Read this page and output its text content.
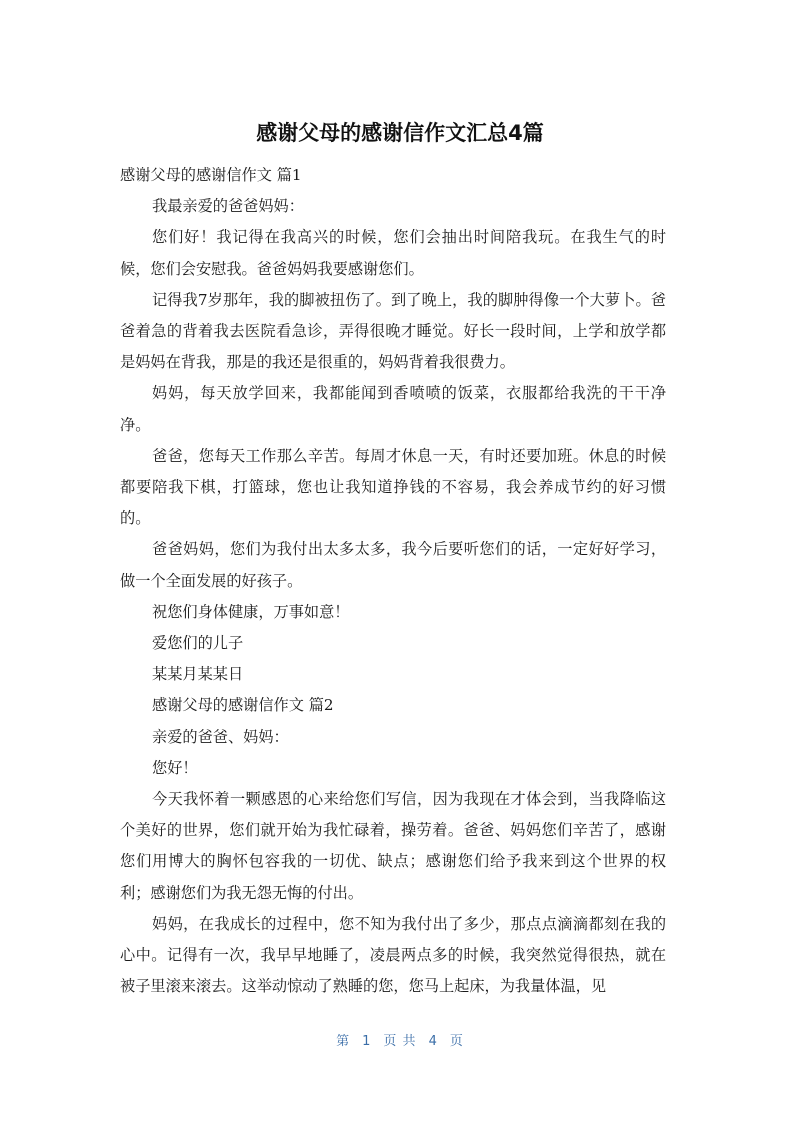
感谢父母的感谢信作文汇总4篇

感谢父母的感谢信作文 篇1

我最亲爱的爸爸妈妈：

您们好！我记得在我高兴的时候，您们会抽出时间陪我玩。在我生气的时候，您们会安慰我。爸爸妈妈我要感谢您们。

记得我7岁那年，我的脚被扭伤了。到了晚上，我的脚肿得像一个大萝卜。爸爸着急的背着我去医院看急诊，弄得很晚才睡觉。好长一段时间，上学和放学都是妈妈在背我，那是的我还是很重的，妈妈背着我很费力。

妈妈，每天放学回来，我都能闻到香喷喷的饭菜，衣服都给我洗的干干净净。

爸爸，您每天工作那么辛苦。每周才休息一天，有时还要加班。休息的时候都要陪我下棋，打篮球，您也让我知道挣钱的不容易，我会养成节约的好习惯的。

爸爸妈妈，您们为我付出太多太多，我今后要听您们的话，一定好好学习，做一个全面发展的好孩子。

祝您们身体健康，万事如意！

爱您们的儿子

某某月某某日

感谢父母的感谢信作文 篇2

亲爱的爸爸、妈妈：

您好！

今天我怀着一颗感恩的心来给您们写信，因为我现在才体会到，当我降临这个美好的世界，您们就开始为我忙碌着，操劳着。爸爸、妈妈您们辛苦了，感谢您们用博大的胸怀包容我的一切优、缺点；感谢您们给予我来到这个世界的权利；感谢您们为我无怨无悔的付出。

妈妈，在我成长的过程中，您不知为我付出了多少，那点点滴滴都刻在我的心中。记得有一次，我早早地睡了，凌晨两点多的时候，我突然觉得很热，就在被子里滚来滚去。这举动惊动了熟睡的您，您马上起床，为我量体温，见

第 1 页 共 4 页
